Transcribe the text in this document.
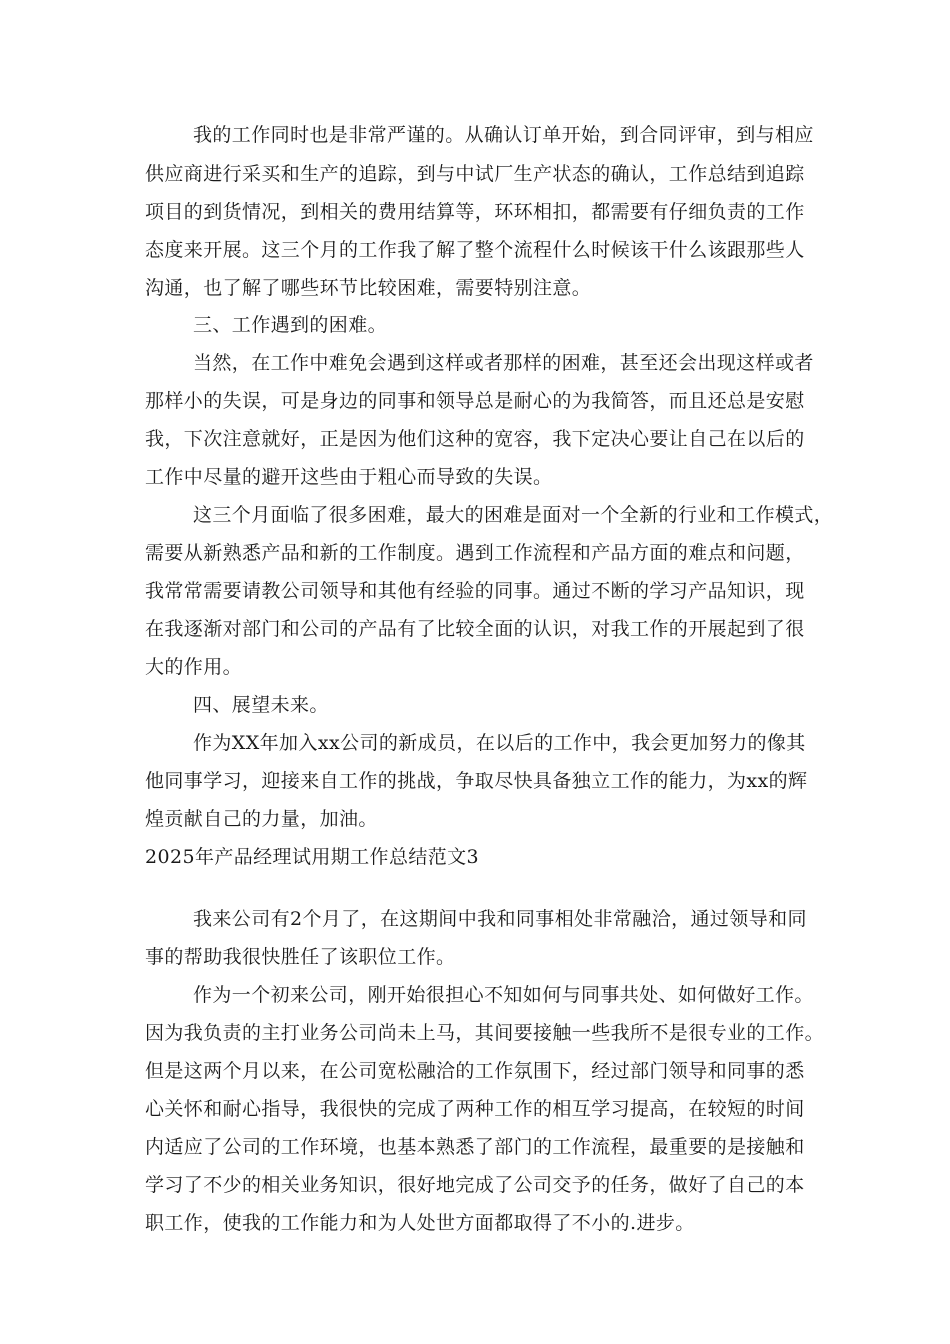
我的工作同时也是非常严谨的。从确认订单开始，到合同评审，到与相应
供应商进行采买和生产的追踪，到与中试厂生产状态的确认，工作总结到追踪
项目的到货情况，到相关的费用结算等，环环相扣，都需要有仔细负责的工作
态度来开展。这三个月的工作我了解了整个流程什么时候该干什么该跟那些人
沟通，也了解了哪些环节比较困难，需要特别注意。
三、工作遇到的困难。
当然，在工作中难免会遇到这样或者那样的困难，甚至还会出现这样或者
那样小的失误，可是身边的同事和领导总是耐心的为我简答，而且还总是安慰
我，下次注意就好，正是因为他们这种的宽容，我下定决心要让自己在以后的
工作中尽量的避开这些由于粗心而导致的失误。
这三个月面临了很多困难，最大的困难是面对一个全新的行业和工作模式，
需要从新熟悉产品和新的工作制度。遇到工作流程和产品方面的难点和问题，
我常常需要请教公司领导和其他有经验的同事。通过不断的学习产品知识，现
在我逐渐对部门和公司的产品有了比较全面的认识，对我工作的开展起到了很
大的作用。
四、展望未来。
作为XX年加入xx公司的新成员，在以后的工作中，我会更加努力的像其
他同事学习，迎接来自工作的挑战，争取尽快具备独立工作的能力，为xx的辉
煌贡献自己的力量，加油。
2025年产品经理试用期工作总结范文3
我来公司有2个月了，在这期间中我和同事相处非常融洽，通过领导和同
事的帮助我很快胜任了该职位工作。
作为一个初来公司，刚开始很担心不知如何与同事共处、如何做好工作。
因为我负责的主打业务公司尚未上马，其间要接触一些我所不是很专业的工作。
但是这两个月以来，在公司宽松融洽的工作氛围下，经过部门领导和同事的悉
心关怀和耐心指导，我很快的完成了两种工作的相互学习提高，在较短的时间
内适应了公司的工作环境，也基本熟悉了部门的工作流程，最重要的是接触和
学习了不少的相关业务知识，很好地完成了公司交予的任务，做好了自己的本
职工作，使我的工作能力和为人处世方面都取得了不小的.进步。
